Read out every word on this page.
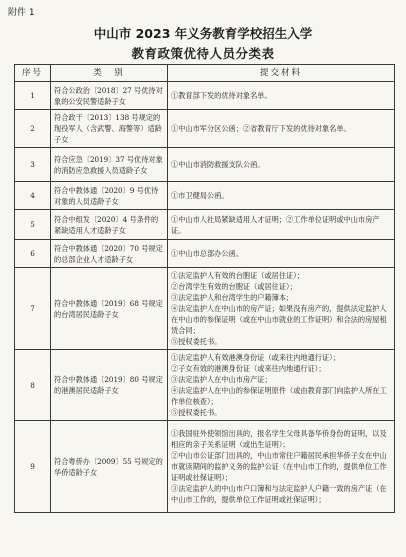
附件 1
中山市 2023 年义务教育学校招生入学
教育政策优待人员分类表
序号	类　别	提交材料
1	符合公政治〔2018〕27 号优待对象的公安民警适龄子女	①教育部下发的优待对象名单。

2	符合政干〔2013〕138 号规定的现役军人（含武警、海警等）适龄子女	①中山市军分区公函；②省教育厅下发的优待对象名单。

3	符合应急〔2019〕37 号优待对象的消防应急救援人员适龄子女	①中山市消防救援支队公函。

4	符合中教体通〔2020〕9 号优待对象的人员适龄子女	①市卫健局公函。

5	符合中组发〔2020〕4 号条件的紧缺适用人才适龄子女	①中山市人社局紧缺适用人才证明；②工作单位证明或中山市房产证。

6	符合中教体通〔2020〕70 号规定的总部企业人才适龄子女	①中山市总部办公函。

7	符合中教体通〔2019〕68 号规定的台湾居民适龄子女	①法定监护人有效的台胞证（或居住证）；
②台湾学生有效的台胞证（或居住证）；
③法定监护人和台湾学生的户籍簿本；
④法定监护人在中山市的房产证；如果没有房产的，提供法定监护人在中山市的参保证明（或在中山市就业的工作证明）和合法的房屋租赁合同；
⑤授权委托书。

8	符合中教体通〔2019〕80 号规定的港澳居民适龄子女	①法定监护人有效港澳身份证（或来往内地通行证）；
②子女有效的港澳身份证（或来往内地通行证）；
③法定监护人在中山市房产证；
④法定监护人在中山的参保证明原件（或由教育部门向监护人所在工作单位核查）；
⑤授权委托书。

9	符合粤侨办〔2009〕55 号规定的华侨适龄子女	①我国驻外使领馆出具的，报名学生父母具备华侨身份的证明，以及相应的亲子关系证明（或出生证明）；
②中山市公证部门出具的，中山市常住户籍居民承担华侨子女在中山市就读期间的监护义务的监护公证（在中山市工作的，提供单位工作证明或社保证明）；
③法定监护人的中山市户口簿和与法定监护人户籍一致的房产证（在中山市工作的，提供单位工作证明或社保证明）；
